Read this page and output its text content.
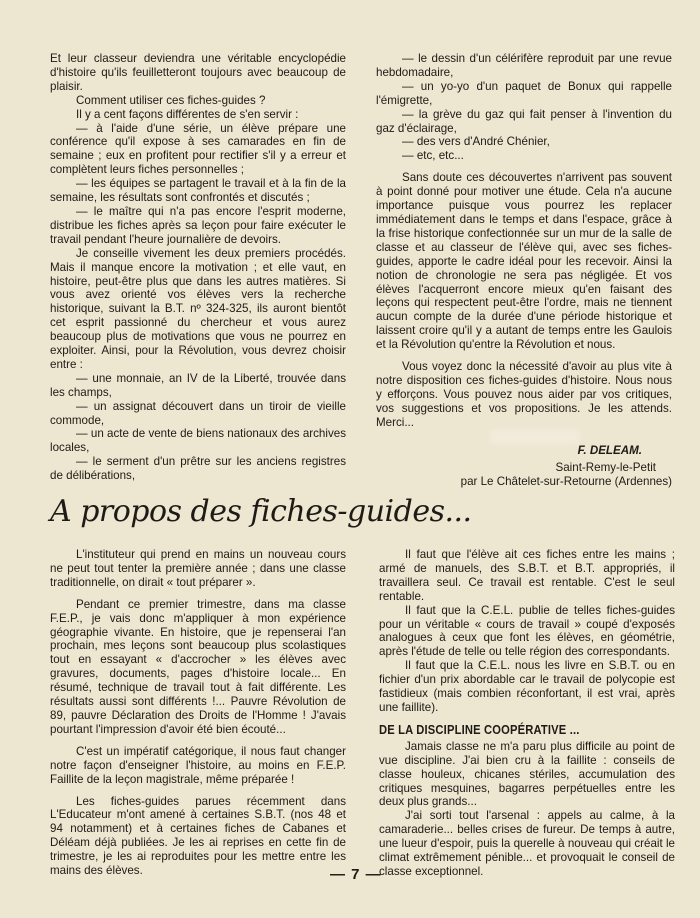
Et leur classeur deviendra une véritable encyclopédie d'histoire qu'ils feuilletteront toujours avec beaucoup de plaisir.

Comment utiliser ces fiches-guides ?

Il y a cent façons différentes de s'en servir :

— à l'aide d'une série, un élève prépare une conférence qu'il expose à ses camarades en fin de semaine ; eux en profitent pour rectifier s'il y a erreur et complètent leurs fiches personnelles ;

— les équipes se partagent le travail et à la fin de la semaine, les résultats sont confrontés et discutés ;

— le maître qui n'a pas encore l'esprit moderne, distribue les fiches après sa leçon pour faire exécuter le travail pendant l'heure journalière de devoirs.

Je conseille vivement les deux premiers procédés. Mais il manque encore la motivation ; et elle vaut, en histoire, peut-être plus que dans les autres matières. Si vous avez orienté vos élèves vers la recherche historique, suivant la B.T. nº 324-325, ils auront bientôt cet esprit passionné du chercheur et vous aurez beaucoup plus de motivations que vous ne pourrez en exploiter. Ainsi, pour la Révolution, vous devrez choisir entre :

— une monnaie, an IV de la Liberté, trouvée dans les champs,

— un assignat découvert dans un tiroir de vieille commode,

— un acte de vente de biens nationaux des archives locales,

— le serment d'un prêtre sur les anciens registres de délibérations,

— le dessin d'un célérifère reproduit par une revue hebdomadaire,

— un yo-yo d'un paquet de Bonux qui rappelle l'émigrette,

— la grève du gaz qui fait penser à l'invention du gaz d'éclairage,

— des vers d'André Chénier,

— etc, etc...

Sans doute ces découvertes n'arrivent pas souvent à point donné pour motiver une étude. Cela n'a aucune importance puisque vous pourrez les replacer immédiatement dans le temps et dans l'espace, grâce à la frise historique confectionnée sur un mur de la salle de classe et au classeur de l'élève qui, avec ses fiches-guides, apporte le cadre idéal pour les recevoir. Ainsi la notion de chronologie ne sera pas négligée. Et vos élèves l'acquerront encore mieux qu'en faisant des leçons qui respectent peut-être l'ordre, mais ne tiennent aucun compte de la durée d'une période historique et laissent croire qu'il y a autant de temps entre les Gaulois et la Révolution qu'entre la Révolution et nous.

Vous voyez donc la nécessité d'avoir au plus vite à notre disposition ces fiches-guides d'histoire. Nous nous y efforçons. Vous pouvez nous aider par vos critiques, vos suggestions et vos propositions. Je les attends. Merci...

F. DELEAM.

Saint-Remy-le-Petit

par Le Châtelet-sur-Retourne (Ardennes)

A propos des fiches-guides...

L'instituteur qui prend en mains un nouveau cours ne peut tout tenter la première année ; dans une classe traditionnelle, on dirait « tout préparer ».

Pendant ce premier trimestre, dans ma classe F.E.P., je vais donc m'appliquer à mon expérience géographie vivante. En histoire, que je repenserai l'an prochain, mes leçons sont beaucoup plus scolastiques tout en essayant « d'accrocher » les élèves avec gravures, documents, pages d'histoire locale... En résumé, technique de travail tout à fait différente. Les résultats aussi sont différents !... Pauvre Révolution de 89, pauvre Déclaration des Droits de l'Homme ! J'avais pourtant l'impression d'avoir été bien écouté...

C'est un impératif catégorique, il nous faut changer notre façon d'enseigner l'histoire, au moins en F.E.P. Faillite de la leçon magistrale, même préparée !

Les fiches-guides parues récemment dans L'Educateur m'ont amené à certaines S.B.T. (nos 48 et 94 notamment) et à certaines fiches de Cabanes et Déléam déjà publiées. Je les ai reprises en cette fin de trimestre, je les ai reproduites pour les mettre entre les mains des élèves.

Il faut que l'élève ait ces fiches entre les mains ; armé de manuels, des S.B.T. et B.T. appropriés, il travaillera seul. Ce travail est rentable. C'est le seul rentable.

Il faut que la C.E.L. publie de telles fiches-guides pour un véritable « cours de travail » coupé d'exposés analogues à ceux que font les élèves, en géométrie, après l'étude de telle ou telle région des correspondants.

Il faut que la C.E.L. nous les livre en S.B.T. ou en fichier d'un prix abordable car le travail de polycopie est fastidieux (mais combien réconfortant, il est vrai, après une faillite).

DE LA DISCIPLINE COOPÉRATIVE ...

Jamais classe ne m'a paru plus difficile au point de vue discipline. J'ai bien cru à la faillite : conseils de classe houleux, chicanes stériles, accumulation des critiques mesquines, bagarres perpétuelles entre les deux plus grands...

J'ai sorti tout l'arsenal : appels au calme, à la camaraderie... belles crises de fureur. De temps à autre, une lueur d'espoir, puis la querelle à nouveau qui créait le climat extrêmement pénible... et provoquait le conseil de classe exceptionnel.

— 7 —
